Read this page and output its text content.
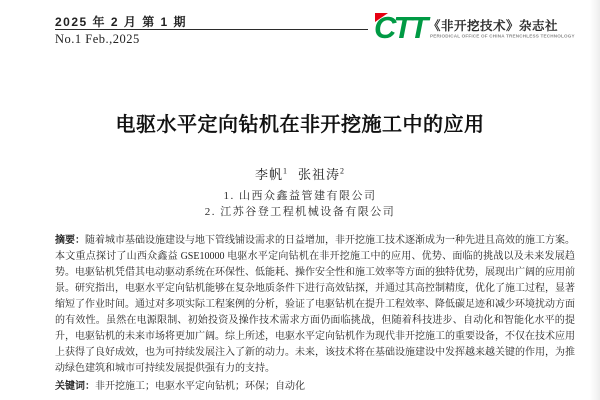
2025 年 2 月 第 1 期
No.1 Feb.,2025	CTT 《非开挖技术》杂志社
PERIODICAL OFFICE OF CHINA TRENCHLESS TECHNOLOGY
电驱水平定向钻机在非开挖施工中的应用
李帆$^1$ 张祖涛$^2$
1. 山西众鑫益管建有限公司
2. 江苏谷登工程机械设备有限公司

摘要：随着城市基础设施建设与地下管线铺设需求的日益增加，非开挖施工技术逐渐成为一种先进且高效的施工方案。本文重点探讨了山西众鑫益 GSE10000 电驱水平定向钻机在非开挖施工中的应用、优势、面临的挑战以及未来发展趋势。电驱钻机凭借其电动驱动系统在环保性、低能耗、操作安全性和施工效率等方面的独特优势，展现出广阔的应用前景。研究指出，电驱水平定向钻机能够在复杂地质条件下进行高效钻探，并通过其高控制精度，优化了施工过程，显著缩短了作业时间。通过对多项实际工程案例的分析，验证了电驱钻机在提升工程效率、降低碳足迹和减少环境扰动方面的有效性。虽然在电源限制、初始投资及操作技术需求方面仍面临挑战，但随着科技进步、自动化和智能化水平的提升，电驱钻机的未来市场将更加广阔。综上所述，电驱水平定向钻机作为现代非开挖施工的重要设备，不仅在技术应用上获得了良好成效，也为可持续发展注入了新的动力。未来，该技术将在基础设施建设中发挥越来越关键的作用，为推动绿色建筑和城市可持续发展提供强有力的支持。

关键词：非开挖施工；电驱水平定向钻机；环保；自动化
